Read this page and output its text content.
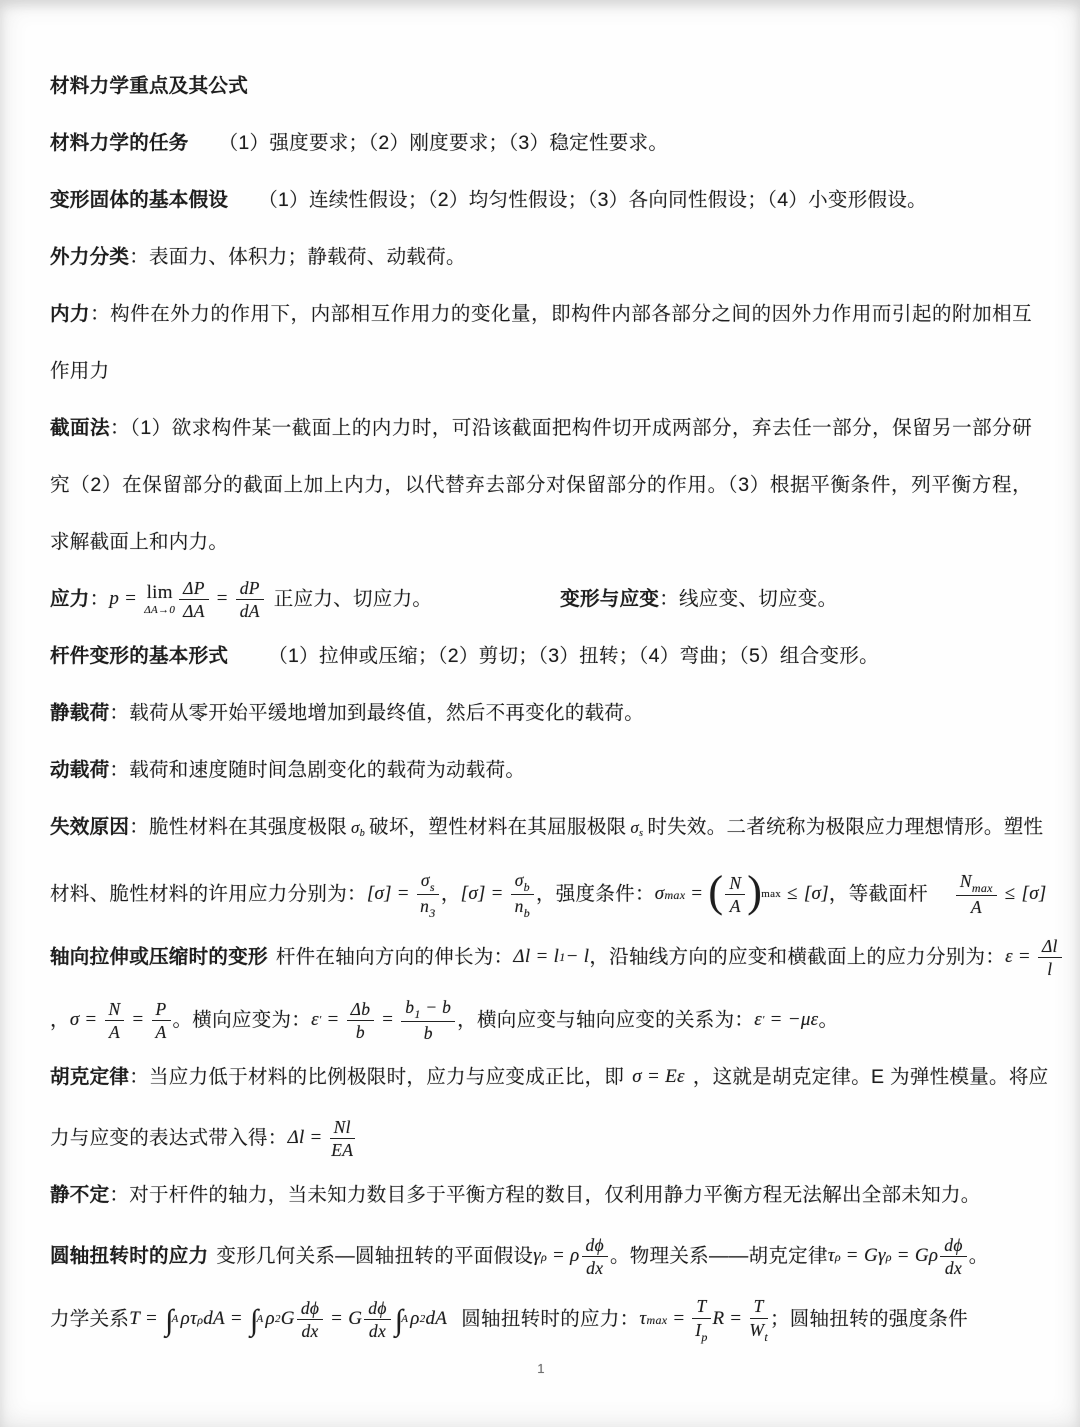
材料力学重点及其公式

材料力学的任务 （1）强度要求；（2）刚度要求；（3）稳定性要求。

变形固体的基本假设 （1）连续性假设；（2）均匀性假设；（3）各向同性假设；（4）小变形假设。

外力分类：表面力、体积力；静载荷、动载荷。

内力：构件在外力的作用下，内部相互作用力的变化量，即构件内部各部分之间的因外力作用而引起的附加相互作用力

截面法：（1）欲求构件某一截面上的内力时，可沿该截面把构件切开成两部分，弃去任一部分，保留另一部分研究（2）在保留部分的截面上加上内力，以代替弃去部分对保留部分的作用。（3）根据平衡条件，列平衡方程，求解截面上和内力。

应力： p = lim
$\Delta A\to 0 \frac{\Delta P}{\Delta A} = \frac{dP}{dA}$ 正应力、切应力。	变形与应变：线应变、切应变。

杆件变形的基本形式 （1）拉伸或压缩；（2）剪切；（3）扭转；（4）弯曲；（5）组合变形。

静载荷：载荷从零开始平缓地增加到最终值，然后不再变化的载荷。

动载荷：载荷和速度随时间急剧变化的载荷为动载荷。

失效原因：脆性材料在其强度极限 $\sigma_b$ 破坏，塑性材料在其屈服极限 $\sigma_s$ 时失效。二者统称为极限应力理想情形。塑性
材料、脆性材料的许用应力分别为： $[\sigma] = \frac{\sigma_s}{n_3}$ ， $[\sigma] = \frac{\sigma_b}{n_b}$ ，强度条件： σ max = ( $\frac{N}{A}$ ) max ≤ [σ] ，等截面杆 $\frac{N_{max}}{A} \le [\sigma]$
轴向拉伸或压缩时的变形 杆件在轴向方向的伸长为： Δl = l 1 − l ，沿轴线方向的应变和横截面上的应力分别为： $\varepsilon = \frac{\Delta l}{l}$
， $\sigma = \frac{N}{A} = \frac{P}{A}$ 。横向应变为： ε ′ = $\frac{\Delta b}{b} = \frac{b_1 - b}{b}$ ，横向应变与轴向应变的关系为： ε ′ = −με 。
胡克定律：当应力低于材料的比例极限时，应力与应变成正比，即 σ = Eε ，这就是胡克定律。E 为弹性模量。将应
力与应变的表达式带入得： $\Delta l = \frac{Nl}{EA}$

静不定：对于杆件的轴力，当未知力数目多于平衡方程的数目，仅利用静力平衡方程无法解出全部未知力。

圆轴扭转时的应力 变形几何关系—圆轴扭转的平面假设 γ ρ = ρ $\frac{d\phi}{dx}$ 。物理关系——胡克定律 τ ρ = Gγ ρ = Gρ $\frac{d\phi}{dx}$ 。
力学关系 T = ∫
A ρτ ρ dA = ∫
A ρ 2 G $\frac{d\phi}{dx} = G \frac{d\phi}{dx}$ ∫
A ρ 2 dA 圆轴扭转时的应力： τ $\max = \frac{T}{I_p}$ $R = \frac{T}{W_t}$ ；圆轴扭转的强度条件
1
